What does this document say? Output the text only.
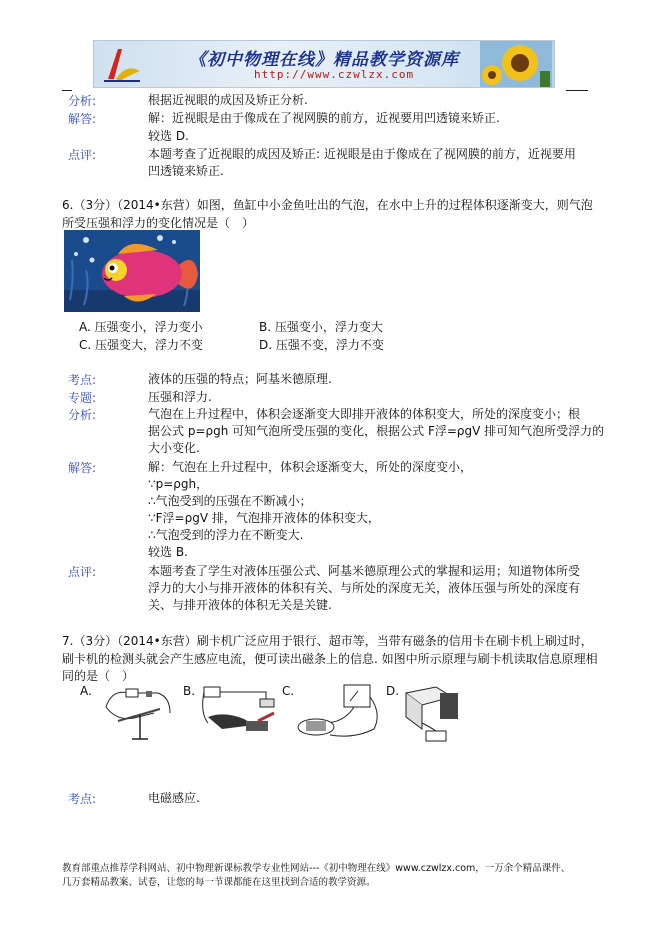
《初中物理在线》精品教学资源库
http://www.czwlzx.com
分析:	根据近视眼的成因及矫正分析.
解答:	解：近视眼是由于像成在了视网膜的前方，近视要用凹透镜来矫正.
较选 D.
点评:	本题考查了近视眼的成因及矫正: 近视眼是由于像成在了视网膜的前方，近视要用
凹透镜来矫正.
6.（3分）（2014•东营）如图，鱼缸中小金鱼吐出的气泡，在水中上升的过程体积逐渐变大，则气泡
所受压强和浮力的变化情况是（　）
A. 压强变小，浮力变小	B. 压强变小，浮力变大
C. 压强变大，浮力不变	D. 压强不变，浮力不变
考点:	液体的压强的特点；阿基米德原理.
专题:	压强和浮力.
分析:	气泡在上升过程中，体积会逐渐变大即排开液体的体积变大，所处的深度变小；根
据公式 p=ρgh 可知气泡所受压强的变化，根据公式 F浮=ρgV 排可知气泡所受浮力的
大小变化.
解答:	解：气泡在上升过程中，体积会逐渐变大，所处的深度变小，
∵p=ρgh，
∴气泡受到的压强在不断减小；
∵F浮=ρgV 排，气泡排开液体的体积变大，
∴气泡受到的浮力在不断变大.
较选 B.
点评:	本题考查了学生对液体压强公式、阿基米德原理公式的掌握和运用；知道物体所受
浮力的大小与排开液体的体积有关、与所处的深度无关，液体压强与所处的深度有
关、与排开液体的体积无关是关键.
7.（3分）（2014•东营）刷卡机广泛应用于银行、超市等，当带有磁条的信用卡在刷卡机上刷过时，
刷卡机的检测头就会产生感应电流，便可读出磁条上的信息. 如图中所示原理与刷卡机读取信息原理相
同的是（　）
A.	B.	C.	D.
考点:	电磁感应.
教育部重点推荐学科网站、初中物理新课标教学专业性网站---《初中物理在线》www.czwlzx.com，一万余个精品课件、
几万套精品教案、试卷，让您的每一节课都能在这里找到合适的教学资源。
